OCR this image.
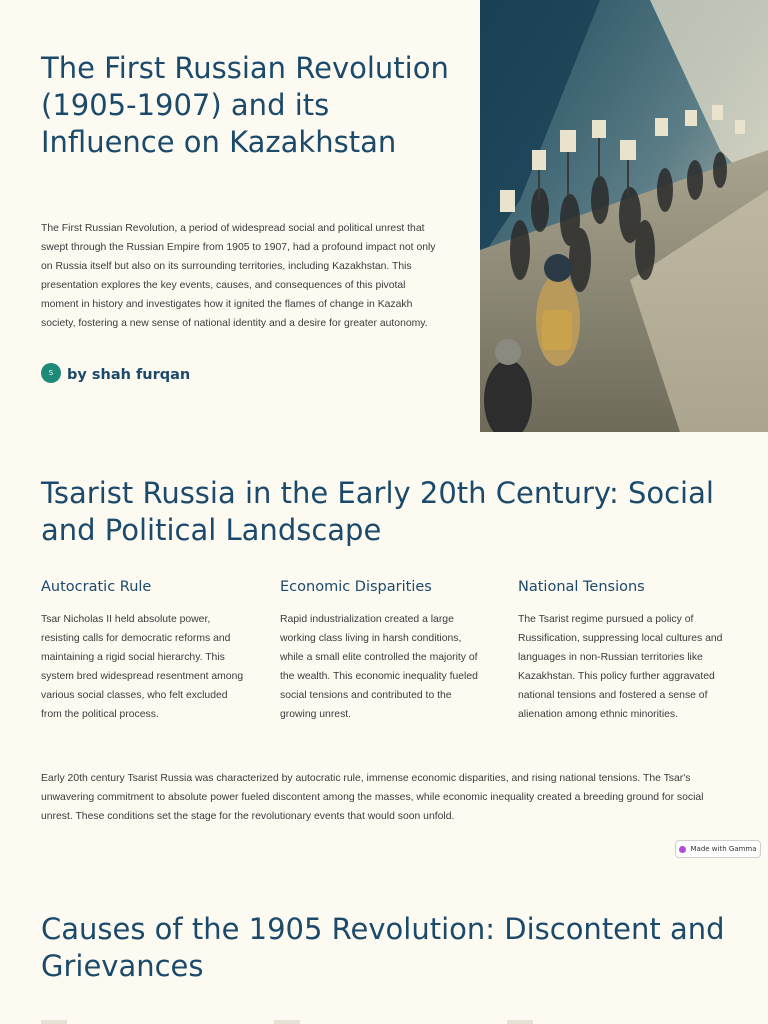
The First Russian Revolution (1905-1907) and its Influence on Kazakhstan

The First Russian Revolution, a period of widespread social and political unrest that swept through the Russian Empire from 1905 to 1907, had a profound impact not only on Russia itself but also on its surrounding territories, including Kazakhstan. This presentation explores the key events, causes, and consequences of this pivotal moment in history and investigates how it ignited the flames of change in Kazakh society, fostering a new sense of national identity and a desire for greater autonomy.

S by shah furqan
Tsarist Russia in the Early 20th Century: Social and Political Landscape
Autocratic Rule

Tsar Nicholas II held absolute power, resisting calls for democratic reforms and maintaining a rigid social hierarchy. This system bred widespread resentment among various social classes, who felt excluded from the political process.

Economic Disparities

Rapid industrialization created a large working class living in harsh conditions, while a small elite controlled the majority of the wealth. This economic inequality fueled social tensions and contributed to the growing unrest.

National Tensions

The Tsarist regime pursued a policy of Russification, suppressing local cultures and languages in non-Russian territories like Kazakhstan. This policy further aggravated national tensions and fostered a sense of alienation among ethnic minorities.

Early 20th century Tsarist Russia was characterized by autocratic rule, immense economic disparities, and rising national tensions. The Tsar's unwavering commitment to absolute power fueled discontent among the masses, while economic inequality created a breeding ground for social unrest. These conditions set the stage for the revolutionary events that would soon unfold.

Made with Gamma
Causes of the 1905 Revolution: Discontent and Grievances
